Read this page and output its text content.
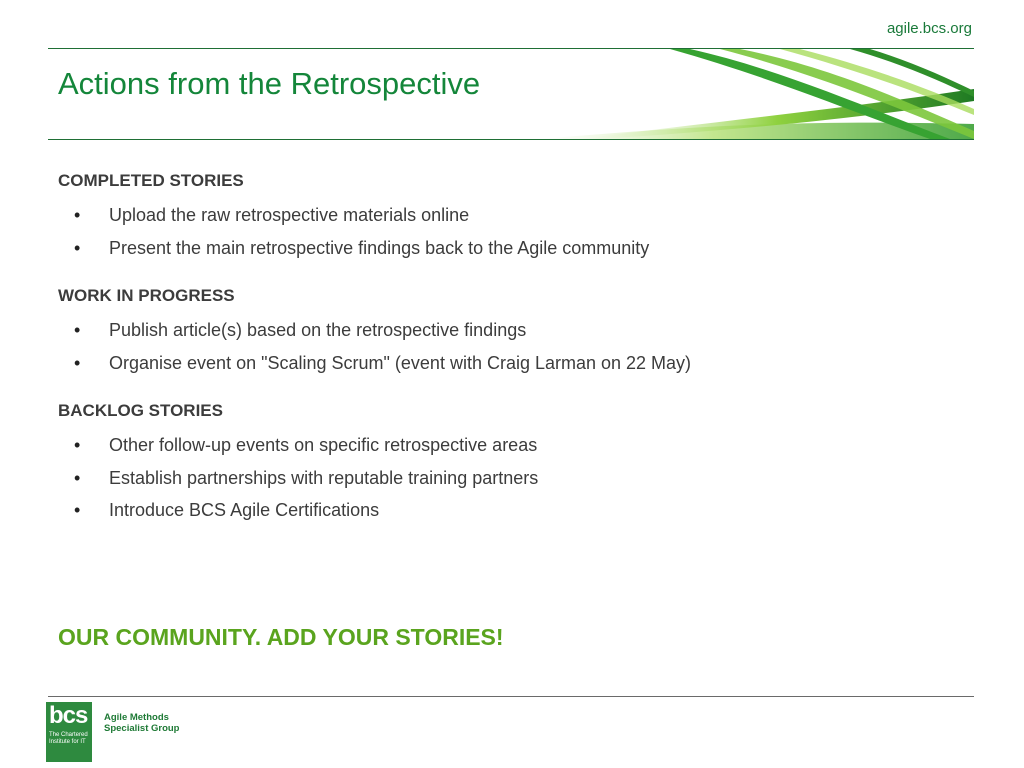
agile.bcs.org
Actions from the Retrospective
COMPLETED STORIES
• Upload the raw retrospective materials online
• Present the main retrospective findings back to the Agile community
WORK IN PROGRESS
• Publish article(s) based on the retrospective findings
• Organise event on "Scaling Scrum" (event with Craig Larman on 22 May)
BACKLOG STORIES
• Other follow-up events on specific retrospective areas
• Establish partnerships with reputable training partners
• Introduce BCS Agile Certifications

OUR COMMUNITY. ADD YOUR STORIES!

bcs
The Chartered Institute for IT
Agile Methods Specialist Group
